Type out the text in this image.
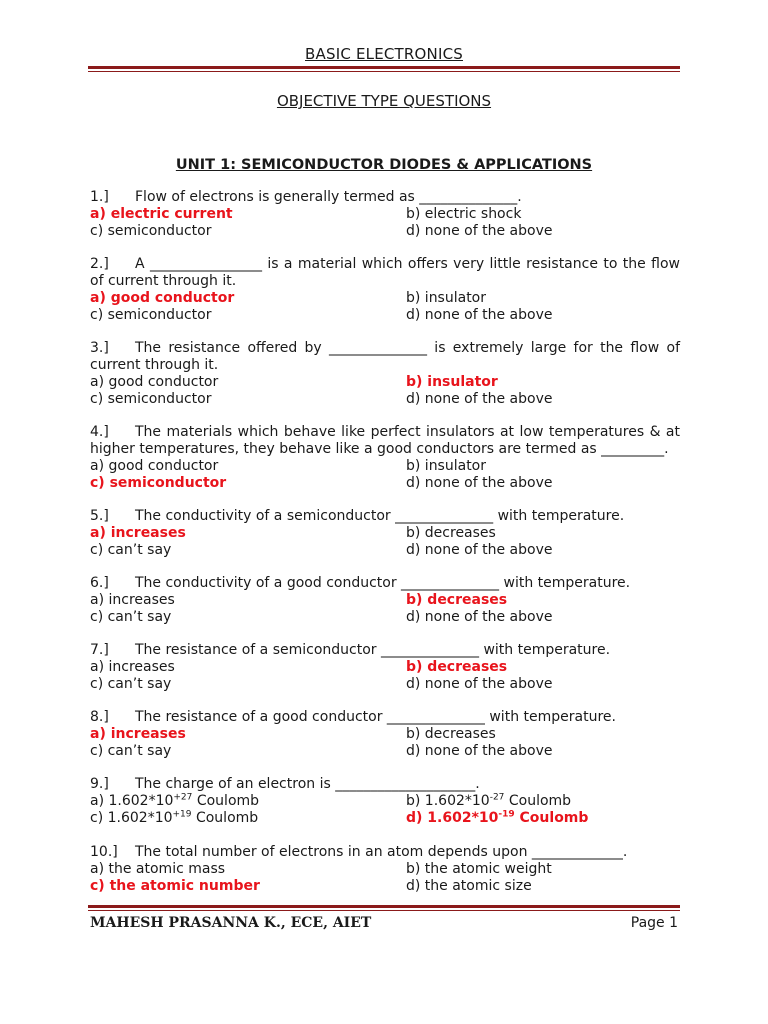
BASIC ELECTRONICS
OBJECTIVE TYPE QUESTIONS
UNIT 1: SEMICONDUCTOR DIODES & APPLICATIONS
1.] Flow of electrons is generally termed as ______________.
a) electric current	b) electric shock
c) semiconductor	d) none of the above
2.] A ________________ is a material which offers very little resistance to the flow of current through it.
a) good conductor	b) insulator
c) semiconductor	d) none of the above
3.] The resistance offered by ______________ is extremely large for the flow of current through it.
a) good conductor	b) insulator
c) semiconductor	d) none of the above
4.] The materials which behave like perfect insulators at low temperatures & at higher temperatures, they behave like a good conductors are termed as _________.
a) good conductor	b) insulator
c) semiconductor	d) none of the above
5.] The conductivity of a semiconductor ______________ with temperature.
a) increases	b) decreases
c) can’t say	d) none of the above
6.] The conductivity of a good conductor ______________ with temperature.
a) increases	b) decreases
c) can’t say	d) none of the above
7.] The resistance of a semiconductor ______________ with temperature.
a) increases	b) decreases
c) can’t say	d) none of the above
8.] The resistance of a good conductor ______________ with temperature.
a) increases	b) decreases
c) can’t say	d) none of the above
9.] The charge of an electron is ____________________.
a) $1.602*10^{+27}$ Coulomb	b) $1.602*10^{-27}$ Coulomb
c) $1.602*10^{+19}$ Coulomb	d) $1.602*10^{-19}$ Coulomb
10.] The total number of electrons in an atom depends upon _____________.
a) the atomic mass	b) the atomic weight
c) the atomic number	d) the atomic size
MAHESH PRASANNA K., ECE, AIET	Page 1
